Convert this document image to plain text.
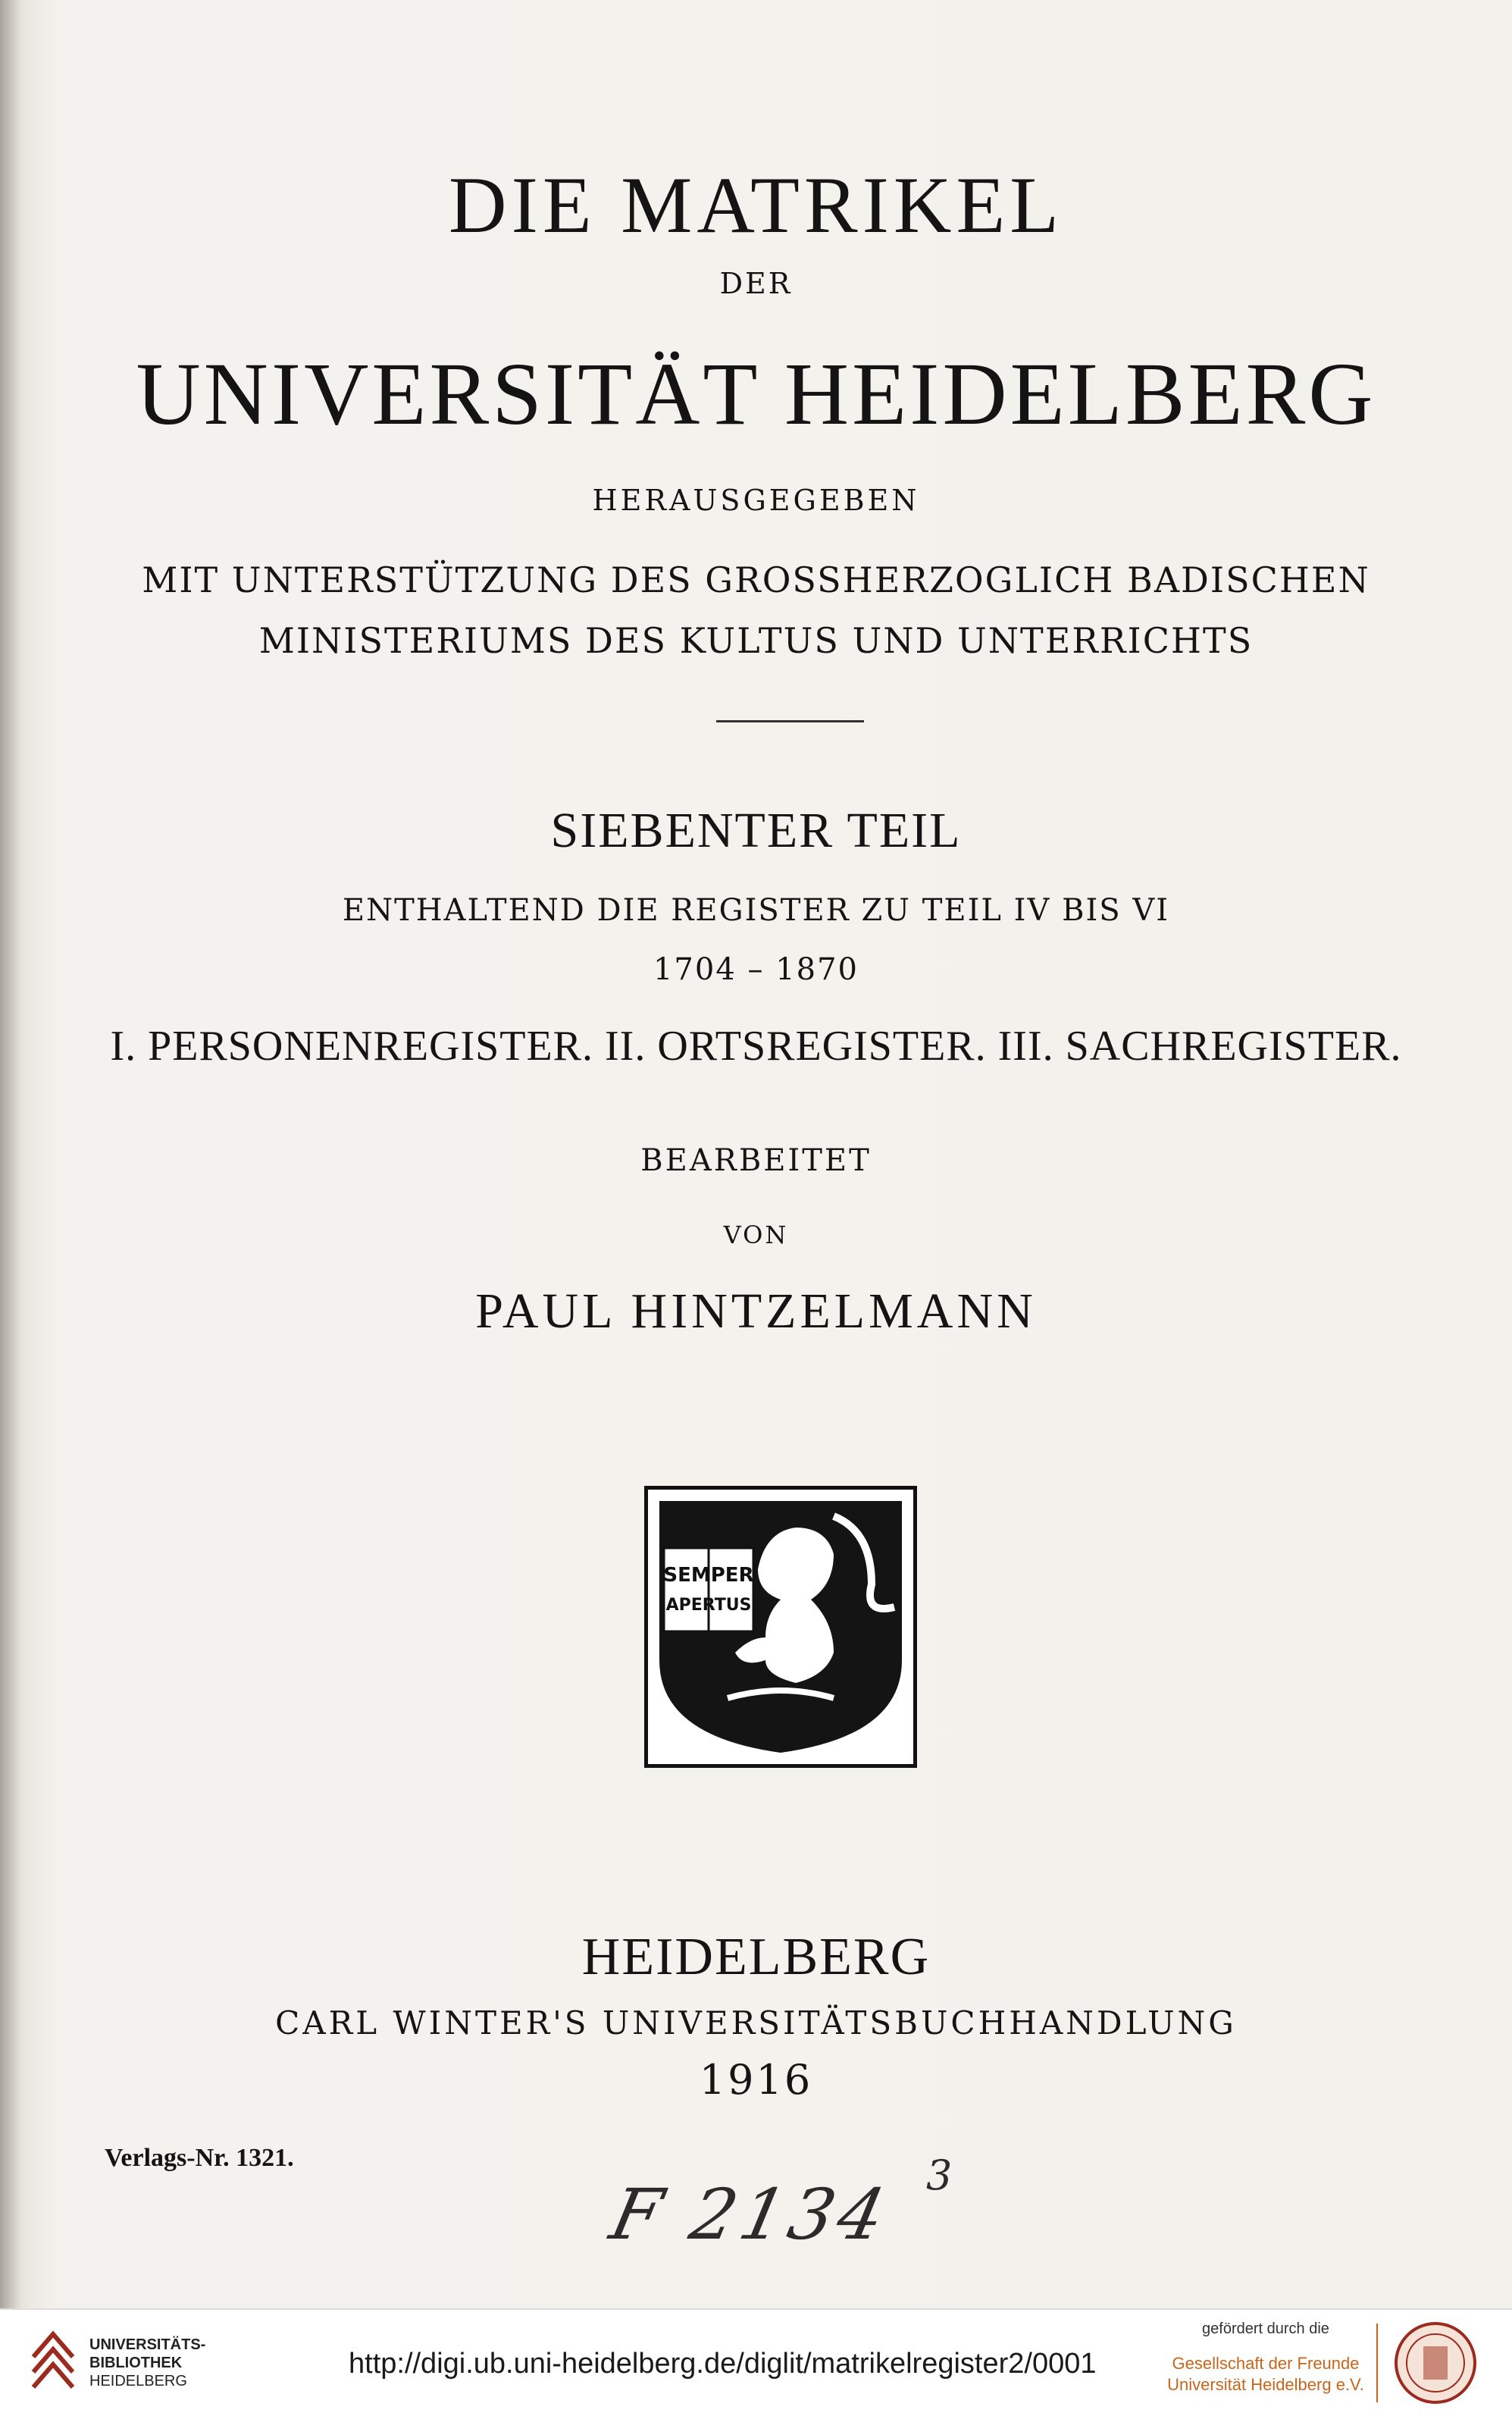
DIE MATRIKEL
DER
UNIVERSITÄT HEIDELBERG
HERAUSGEGEBEN
MIT UNTERSTÜTZUNG DES GROSSHERZOGLICH BADISCHEN
MINISTERIUMS DES KULTUS UND UNTERRICHTS
SIEBENTER TEIL
ENTHALTEND DIE REGISTER ZU TEIL IV BIS VI
1704 – 1870
I. PERSONENREGISTER. II. ORTSREGISTER. III. SACHREGISTER.
BEARBEITET
VON
PAUL HINTZELMANN
SEMPER
APERTUS
HEIDELBERG
CARL WINTER'S UNIVERSITÄTSBUCHHANDLUNG
1916
Verlags-Nr. 1321.
F 2134 3
UNIVERSITÄTS-
BIBLIOTHEK
HEIDELBERG
http://digi.ub.uni-heidelberg.de/diglit/matrikelregister2/0001
gefördert durch die
Gesellschaft der Freunde
Universität Heidelberg e.V.
